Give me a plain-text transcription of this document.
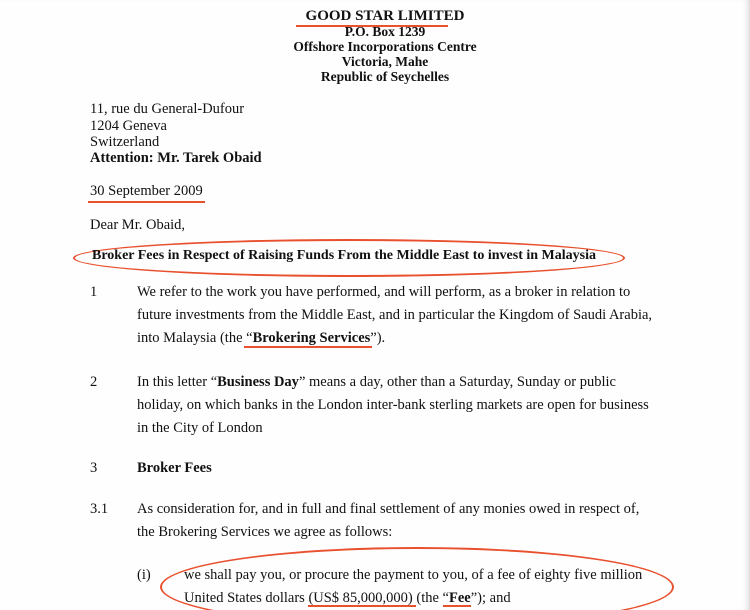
GOOD STAR LIMITED
P.O. Box 1239
Offshore Incorporations Centre
Victoria, Mahe
Republic of Seychelles
11, rue du General-Dufour
1204 Geneva
Switzerland
Attention: Mr. Tarek Obaid
30 September 2009
Dear Mr. Obaid,
Broker Fees in Respect of Raising Funds From the Middle East to invest in Malaysia
1	We refer to the work you have performed, and will perform, as a broker in relation to
future investments from the Middle East, and in particular the Kingdom of Saudi Arabia,
into Malaysia (the “Brokering Services”).
2	In this letter “Business Day” means a day, other than a Saturday, Sunday or public
holiday, on which banks in the London inter-bank sterling markets are open for business
in the City of London
3	Broker Fees
3.1	As consideration for, and in full and final settlement of any monies owed in respect of,
the Brokering Services we agree as follows:
(i)	we shall pay you, or procure the payment to you, of a fee of eighty five million
United States dollars (US$ 85,000,000) (the “Fee”); and
